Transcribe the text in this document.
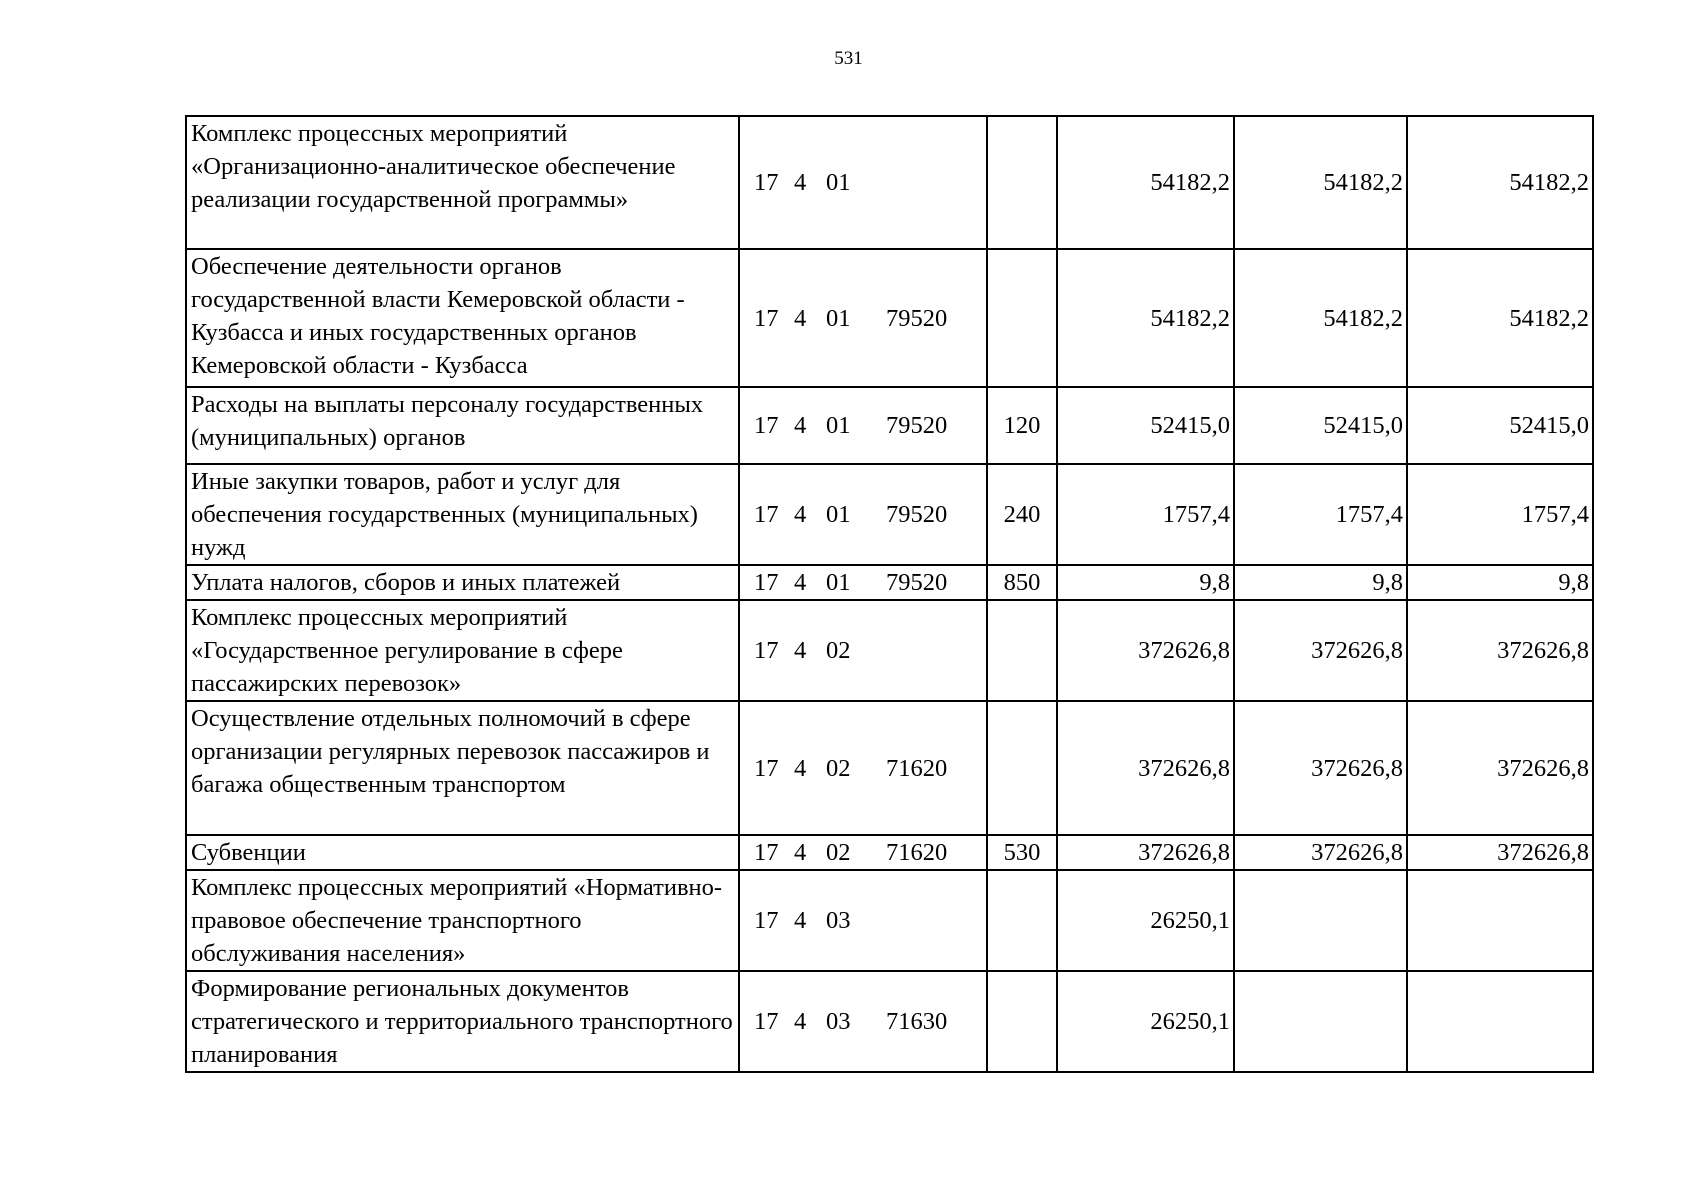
531
Комплекс процессных мероприятий «Организационно-аналитическое обеспечение реализации государственной программы»	17 4 01		54182,2	54182,2	54182,2
Обеспечение деятельности органов государственной власти Кемеровской области - Кузбасса и иных государственных органов Кемеровской области - Кузбасса	17 4 01 79520		54182,2	54182,2	54182,2
Расходы на выплаты персоналу государственных (муниципальных) органов	17 4 01 79520	120	52415,0	52415,0	52415,0
Иные закупки товаров, работ и услуг для обеспечения государственных (муниципальных) нужд	17 4 01 79520	240	1757,4	1757,4	1757,4
Уплата налогов, сборов и иных платежей	17 4 01 79520	850	9,8	9,8	9,8
Комплекс процессных мероприятий «Государственное регулирование в сфере пассажирских перевозок»	17 4 02		372626,8	372626,8	372626,8
Осуществление отдельных полномочий в сфере организации регулярных перевозок пассажиров и багажа общественным транспортом	17 4 02 71620		372626,8	372626,8	372626,8
Субвенции	17 4 02 71620	530	372626,8	372626,8	372626,8
Комплекс процессных мероприятий «Нормативно-правовое обеспечение транспортного обслуживания населения»	17 4 03		26250,1		
Формирование региональных документов стратегического и территориального транспортного планирования	17 4 03 71630		26250,1		
